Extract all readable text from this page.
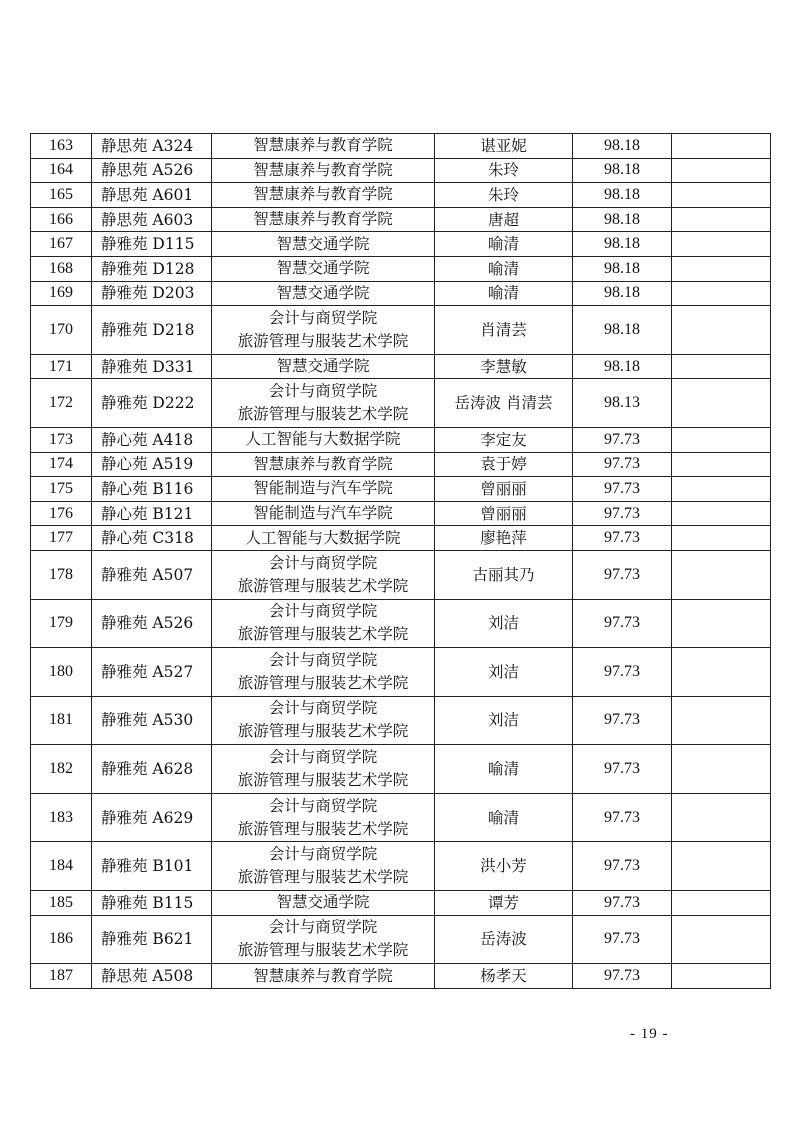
163	静思苑 A324	智慧康养与教育学院	谌亚妮	98.18	
164	静思苑 A526	智慧康养与教育学院	朱玲	98.18	
165	静思苑 A601	智慧康养与教育学院	朱玲	98.18	
166	静思苑 A603	智慧康养与教育学院	唐超	98.18	
167	静雅苑 D115	智慧交通学院	喻清	98.18	
168	静雅苑 D128	智慧交通学院	喻清	98.18	
169	静雅苑 D203	智慧交通学院	喻清	98.18	
170	静雅苑 D218	会计与商贸学院
旅游管理与服装艺术学院	肖清芸	98.18	
171	静雅苑 D331	智慧交通学院	李慧敏	98.18	
172	静雅苑 D222	会计与商贸学院
旅游管理与服装艺术学院	岳涛波 肖清芸	98.13	
173	静心苑 A418	人工智能与大数据学院	李定友	97.73	
174	静心苑 A519	智慧康养与教育学院	袁于婷	97.73	
175	静心苑 B116	智能制造与汽车学院	曾丽丽	97.73	
176	静心苑 B121	智能制造与汽车学院	曾丽丽	97.73	
177	静心苑 C318	人工智能与大数据学院	廖艳萍	97.73	
178	静雅苑 A507	会计与商贸学院
旅游管理与服装艺术学院	古丽其乃	97.73	
179	静雅苑 A526	会计与商贸学院
旅游管理与服装艺术学院	刘洁	97.73	
180	静雅苑 A527	会计与商贸学院
旅游管理与服装艺术学院	刘洁	97.73	
181	静雅苑 A530	会计与商贸学院
旅游管理与服装艺术学院	刘洁	97.73	
182	静雅苑 A628	会计与商贸学院
旅游管理与服装艺术学院	喻清	97.73	
183	静雅苑 A629	会计与商贸学院
旅游管理与服装艺术学院	喻清	97.73	
184	静雅苑 B101	会计与商贸学院
旅游管理与服装艺术学院	洪小芳	97.73	
185	静雅苑 B115	智慧交通学院	谭芳	97.73	
186	静雅苑 B621	会计与商贸学院
旅游管理与服装艺术学院	岳涛波	97.73	
187	静思苑 A508	智慧康养与教育学院	杨孝天	97.73	
- 19 -
